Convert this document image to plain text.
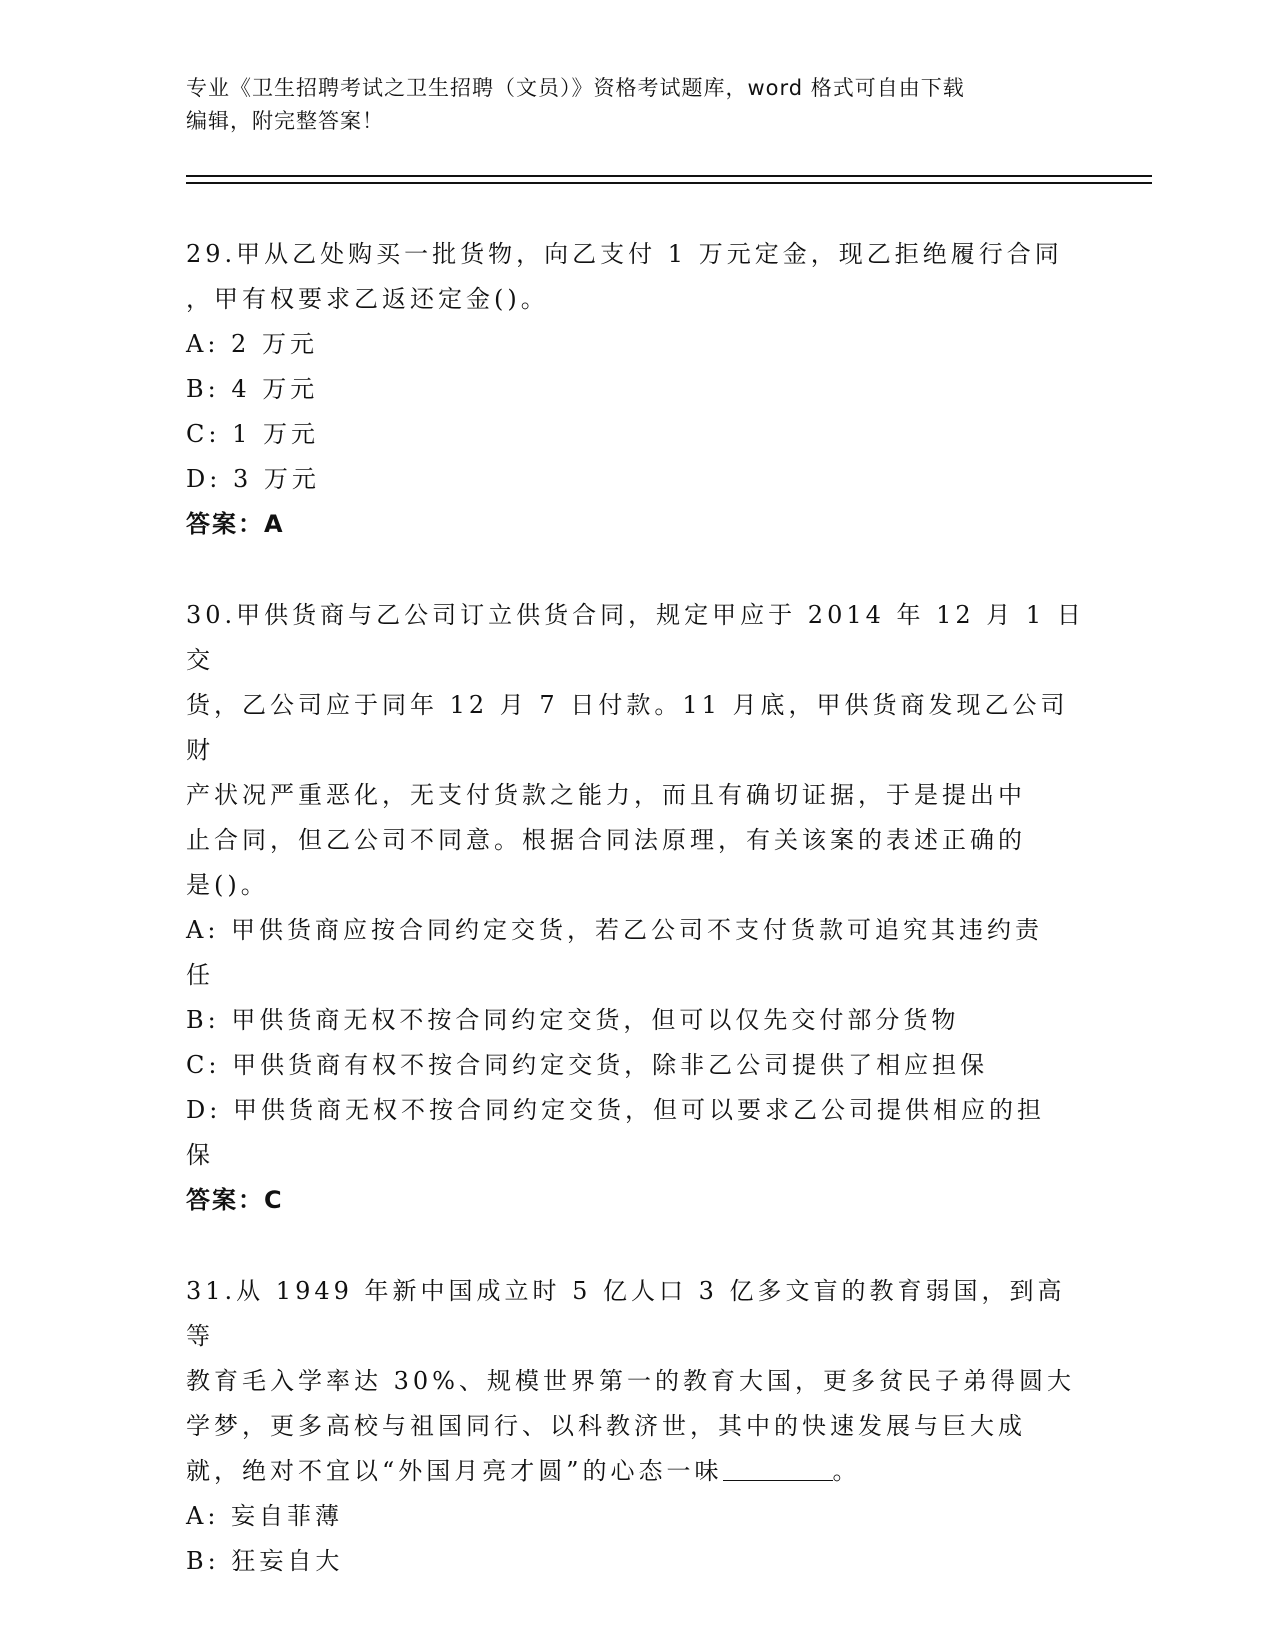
专业《卫生招聘考试之卫生招聘（文员）》资格考试题库，word 格式可自由下载
编辑，附完整答案！

29.甲从乙处购买一批货物，向乙支付 1 万元定金，现乙拒绝履行合同

，甲有权要求乙返还定金()。

A: 2 万元

B: 4 万元

C: 1 万元

D: 3 万元

答案：A

30.甲供货商与乙公司订立供货合同，规定甲应于 2014 年 12 月 1 日交

货，乙公司应于同年 12 月 7 日付款。11 月底，甲供货商发现乙公司财

产状况严重恶化，无支付货款之能力，而且有确切证据，于是提出中

止合同，但乙公司不同意。根据合同法原理，有关该案的表述正确的

是()。

A: 甲供货商应按合同约定交货，若乙公司不支付货款可追究其违约责

任

B: 甲供货商无权不按合同约定交货，但可以仅先交付部分货物

C: 甲供货商有权不按合同约定交货，除非乙公司提供了相应担保

D: 甲供货商无权不按合同约定交货，但可以要求乙公司提供相应的担

保

答案：C

31.从 1949 年新中国成立时 5 亿人口 3 亿多文盲的教育弱国，到高等

教育毛入学率达 30%、规模世界第一的教育大国，更多贫民子弟得圆大

学梦，更多高校与祖国同行、以科教济世，其中的快速发展与巨大成

就，绝对不宜以“外国月亮才圆”的心态一味	。

A: 妄自菲薄

B: 狂妄自大
